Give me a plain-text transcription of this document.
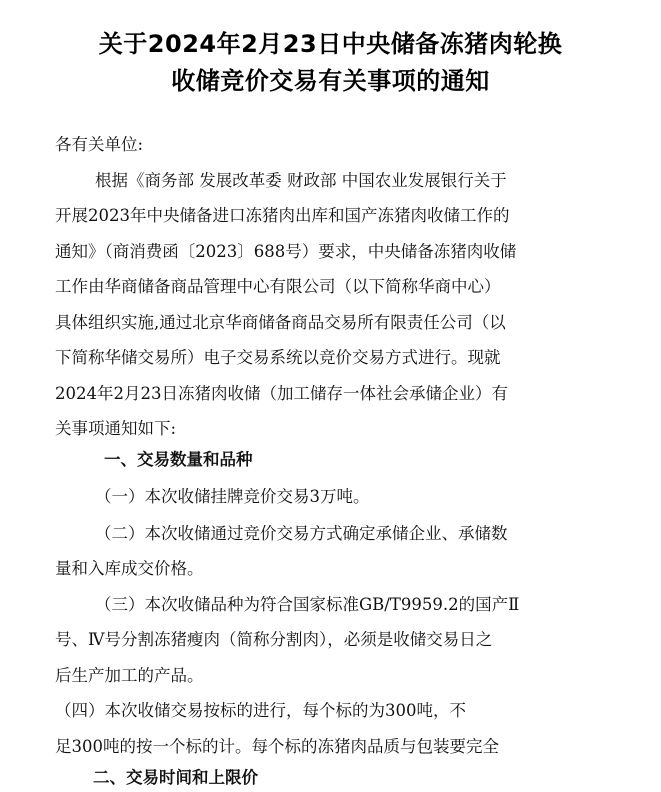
关于2024年2月23日中央储备冻猪肉轮换
收储竞价交易有关事项的通知
各有关单位:
根据《商务部 发展改革委 财政部 中国农业发展银行关于
开展2023年中央储备进口冻猪肉出库和国产冻猪肉收储工作的
通知》（商消费函〔2023〕688号）要求，中央储备冻猪肉收储
工作由华商储备商品管理中心有限公司（以下简称华商中心）
具体组织实施,通过北京华商储备商品交易所有限责任公司（以
下简称华储交易所）电子交易系统以竞价交易方式进行。现就
2024年2月23日冻猪肉收储（加工储存一体社会承储企业）有
关事项通知如下:
一、交易数量和品种
（一）本次收储挂牌竞价交易3万吨。
（二）本次收储通过竞价交易方式确定承储企业、承储数
量和入库成交价格。
（三）本次收储品种为符合国家标准GB/T9959.2的国产Ⅱ
号、Ⅳ号分割冻猪瘦肉（简称分割肉），必须是收储交易日之
后生产加工的产品。
（四）本次收储交易按标的进行，每个标的为300吨，不
足300吨的按一个标的计。每个标的冻猪肉品质与包装要完全
二、交易时间和上限价
